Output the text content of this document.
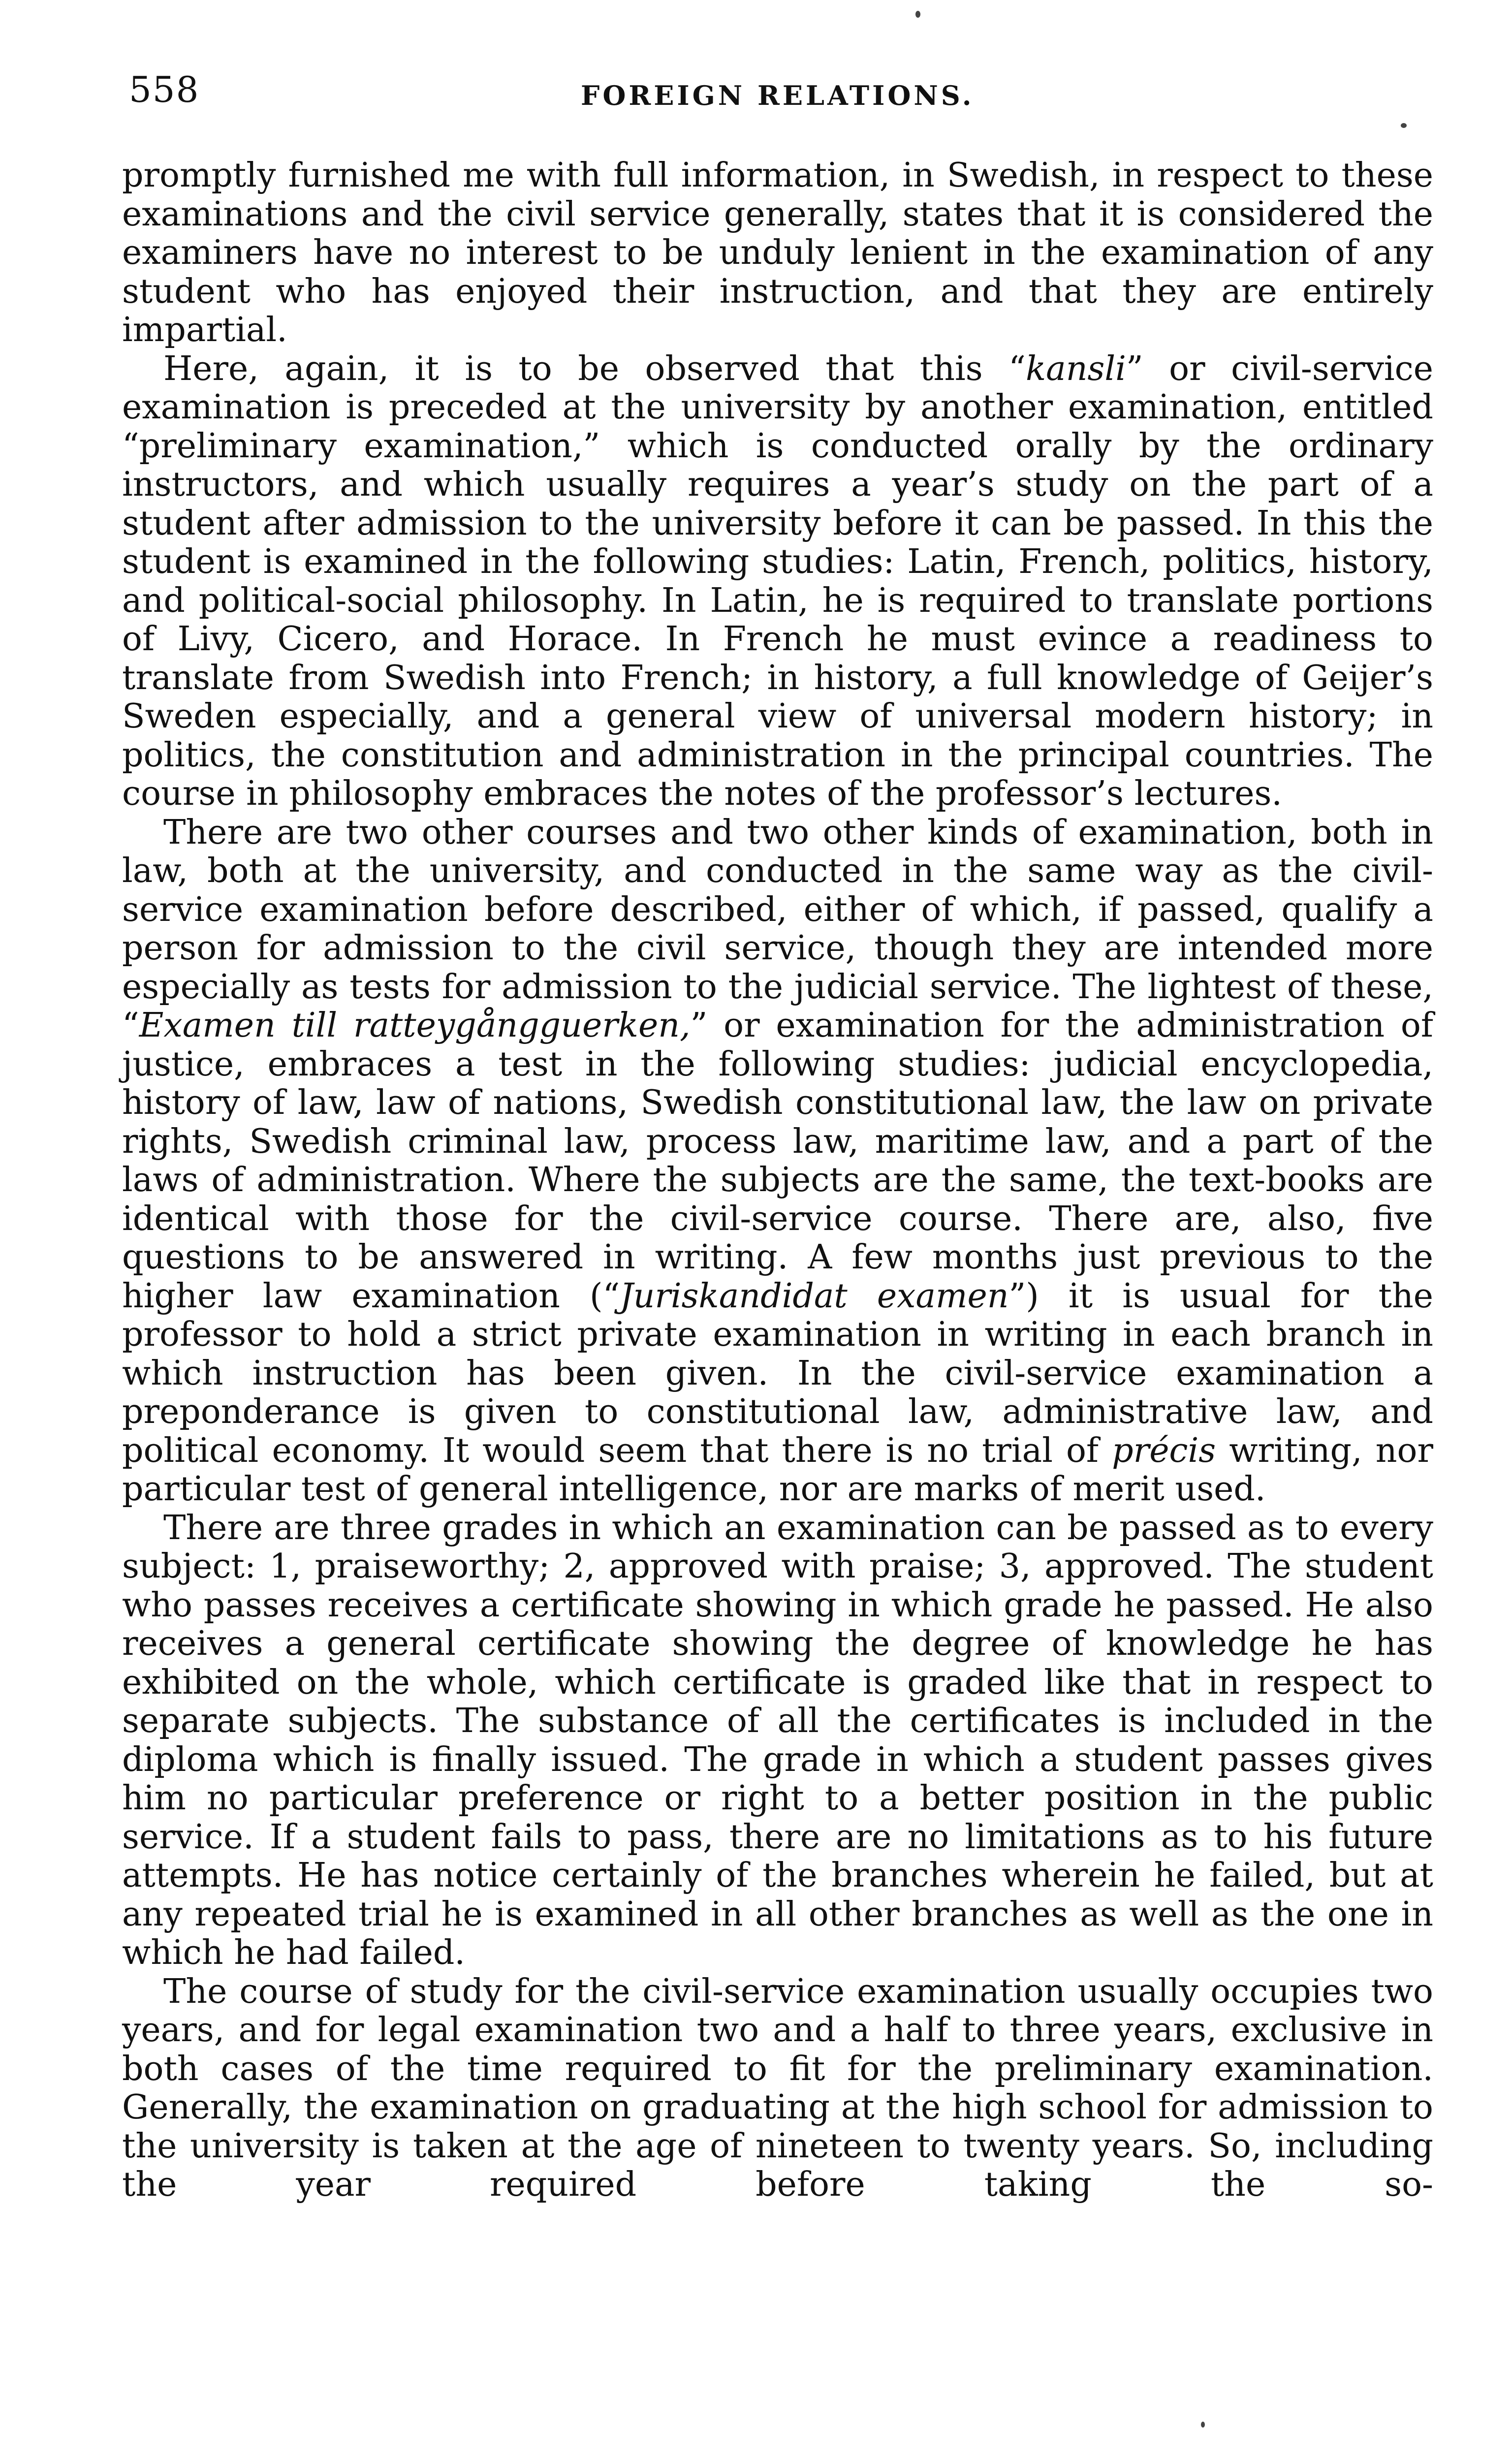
558	FOREIGN RELATIONS.

promptly furnished me with full information, in Swedish, in respect to these examinations and the civil service generally, states that it is considered the examiners have no interest to be unduly lenient in the examination of any student who has enjoyed their instruction, and that they are entirely impartial.

Here, again, it is to be observed that this “kansli” or civil-service examination is preceded at the university by another examination, entitled “preliminary examination,” which is conducted orally by the ordinary instructors, and which usually requires a year’s study on the part of a student after admission to the university before it can be passed. In this the student is examined in the following studies: Latin, French, politics, history, and political-social philosophy. In Latin, he is required to translate portions of Livy, Cicero, and Horace. In French he must evince a readiness to translate from Swedish into French; in history, a full knowledge of Geijer’s Sweden especially, and a general view of universal modern history; in politics, the constitution and administration in the principal countries. The course in philosophy embraces the notes of the professor’s lectures.

There are two other courses and two other kinds of examination, both in law, both at the university, and conducted in the same way as the civil-service examination before described, either of which, if passed, qualify a person for admission to the civil service, though they are intended more especially as tests for admission to the judicial service. The lightest of these, “Examen till ratteygångguerken,” or examination for the administration of justice, embraces a test in the following studies: judicial encyclopedia, history of law, law of nations, Swedish constitutional law, the law on private rights, Swedish criminal law, process law, maritime law, and a part of the laws of administration. Where the subjects are the same, the text-books are identical with those for the civil-service course. There are, also, five questions to be answered in writing. A few months just previous to the higher law examination (“Juriskandidat examen”) it is usual for the professor to hold a strict private examination in writing in each branch in which instruction has been given. In the civil-service examination a preponderance is given to constitutional law, administrative law, and political economy. It would seem that there is no trial of précis writing, nor particular test of general intelligence, nor are marks of merit used.

There are three grades in which an examination can be passed as to every subject: 1, praiseworthy; 2, approved with praise; 3, approved. The student who passes receives a certificate showing in which grade he passed. He also receives a general certificate showing the degree of knowledge he has exhibited on the whole, which certificate is graded like that in respect to separate subjects. The substance of all the certificates is included in the diploma which is finally issued. The grade in which a student passes gives him no particular preference or right to a better position in the public service. If a student fails to pass, there are no limitations as to his future attempts. He has notice certainly of the branches wherein he failed, but at any repeated trial he is examined in all other branches as well as the one in which he had failed.

The course of study for the civil-service examination usually occupies two years, and for legal examination two and a half to three years, exclusive in both cases of the time required to fit for the preliminary examination. Generally, the examination on graduating at the high school for admission to the university is taken at the age of nineteen to twenty years. So, including the year required before taking the so-
